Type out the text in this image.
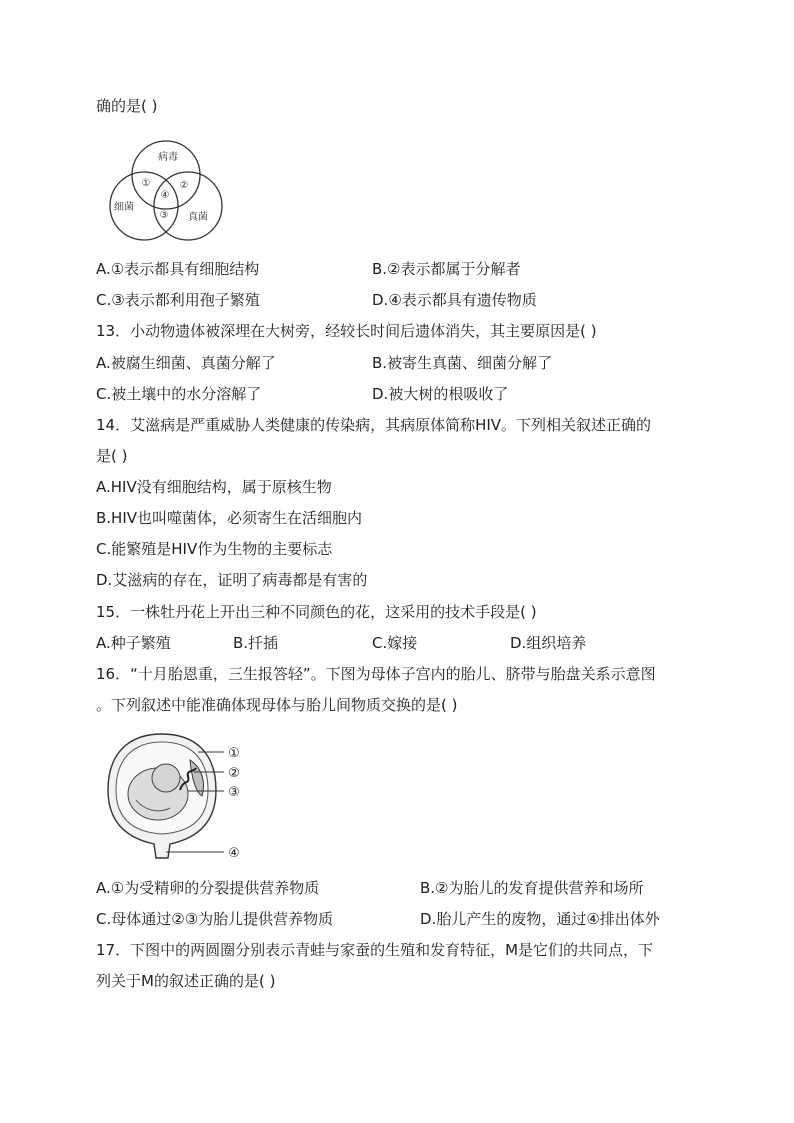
确的是( )
病毒
细菌
真菌
①	②
③
④
A.①表示都具有细胞结构	B.②表示都属于分解者
C.③表示都利用孢子繁殖	D.④表示都具有遗传物质
13．小动物遗体被深埋在大树旁，经较长时间后遗体消失，其主要原因是( )
A.被腐生细菌、真菌分解了	B.被寄生真菌、细菌分解了
C.被土壤中的水分溶解了	D.被大树的根吸收了
14．艾滋病是严重威胁人类健康的传染病，其病原体简称HIV。下列相关叙述正确的
是( )
A.HIV没有细胞结构，属于原核生物
B.HIV也叫噬菌体，必须寄生在活细胞内
C.能繁殖是HIV作为生物的主要标志
D.艾滋病的存在，证明了病毒都是有害的
15．一株牡丹花上开出三种不同颜色的花，这采用的技术手段是( )
A.种子繁殖	B.扦插	C.嫁接	D.组织培养
16．“十月胎恩重，三生报答轻”。下图为母体子宫内的胎儿、脐带与胎盘关系示意图
。下列叙述中能准确体现母体与胎儿间物质交换的是( )
①
②
③
④
A.①为受精卵的分裂提供营养物质	B.②为胎儿的发育提供营养和场所
C.母体通过②③为胎儿提供营养物质	D.胎儿产生的废物，通过④排出体外
17．下图中的两圆圈分别表示青蛙与家蚕的生殖和发育特征，M是它们的共同点，下
列关于M的叙述正确的是( )
